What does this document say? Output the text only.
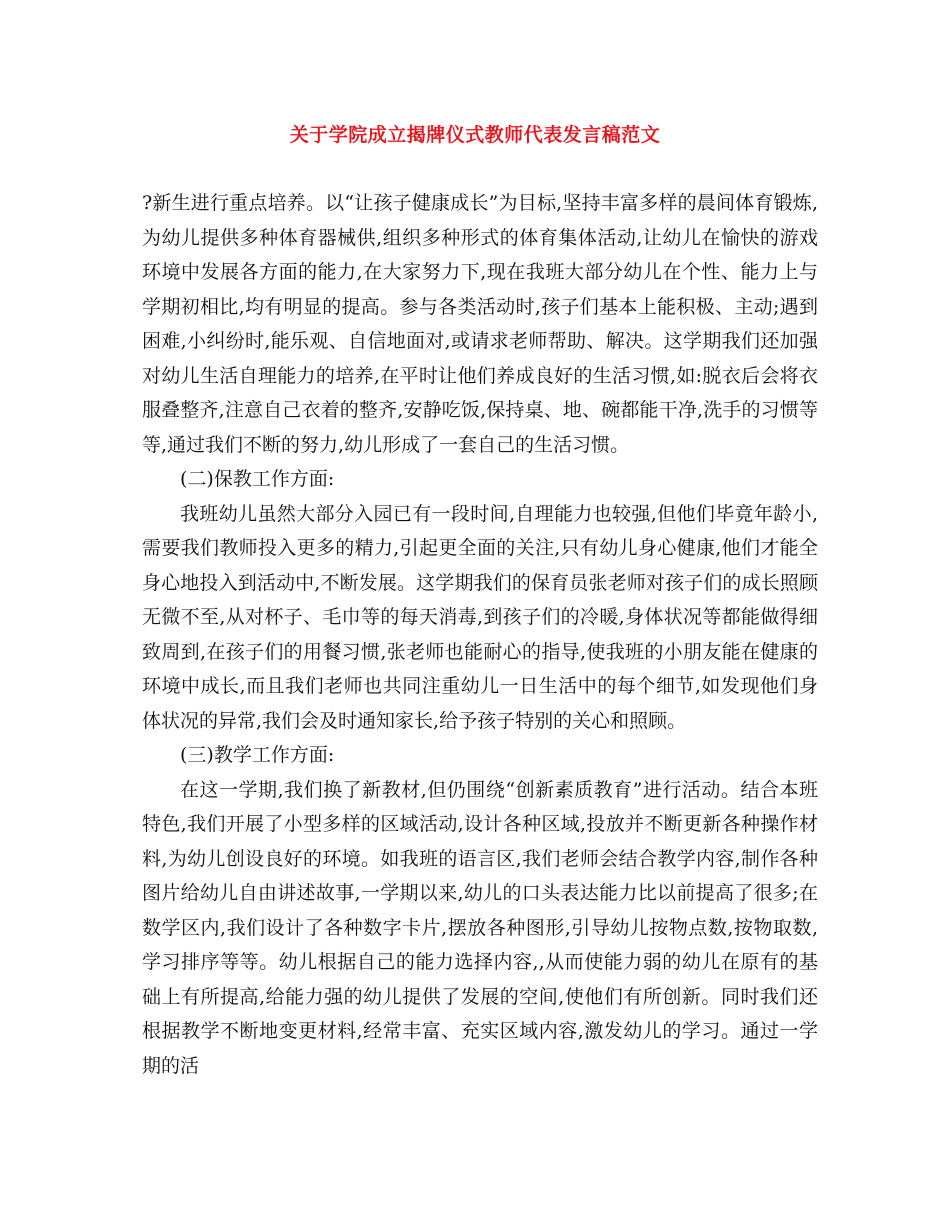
关于学院成立揭牌仪式教师代表发言稿范文

?新生进行重点培养。以“让孩子健康成长”为目标,坚持丰富多样的晨间体育锻炼,为幼儿提供多种体育器械供,组织多种形式的体育集体活动,让幼儿在愉快的游戏环境中发展各方面的能力,在大家努力下,现在我班大部分幼儿在个性、能力上与学期初相比,均有明显的提高。参与各类活动时,孩子们基本上能积极、主动;遇到困难,小纠纷时,能乐观、自信地面对,或请求老师帮助、解决。这学期我们还加强对幼儿生活自理能力的培养,在平时让他们养成良好的生活习惯,如:脱衣后会将衣服叠整齐,注意自己衣着的整齐,安静吃饭,保持桌、地、碗都能干净,洗手的习惯等等,通过我们不断的努力,幼儿形成了一套自己的生活习惯。

(二)保教工作方面:

我班幼儿虽然大部分入园已有一段时间,自理能力也较强,但他们毕竟年龄小,需要我们教师投入更多的精力,引起更全面的关注,只有幼儿身心健康,他们才能全身心地投入到活动中,不断发展。这学期我们的保育员张老师对孩子们的成长照顾无微不至,从对杯子、毛巾等的每天消毒,到孩子们的冷暖,身体状况等都能做得细致周到,在孩子们的用餐习惯,张老师也能耐心的指导,使我班的小朋友能在健康的环境中成长,而且我们老师也共同注重幼儿一日生活中的每个细节,如发现他们身体状况的异常,我们会及时通知家长,给予孩子特别的关心和照顾。

(三)教学工作方面:

在这一学期,我们换了新教材,但仍围绕“创新素质教育”进行活动。结合本班特色,我们开展了小型多样的区域活动,设计各种区域,投放并不断更新各种操作材料,为幼儿创设良好的环境。如我班的语言区,我们老师会结合教学内容,制作各种图片给幼儿自由讲述故事,一学期以来,幼儿的口头表达能力比以前提高了很多;在数学区内,我们设计了各种数字卡片,摆放各种图形,引导幼儿按物点数,按物取数,学习排序等等。幼儿根据自己的能力选择内容,,从而使能力弱的幼儿在原有的基础上有所提高,给能力强的幼儿提供了发展的空间,使他们有所创新。同时我们还根据教学不断地变更材料,经常丰富、充实区域内容,激发幼儿的学习。通过一学期的活
